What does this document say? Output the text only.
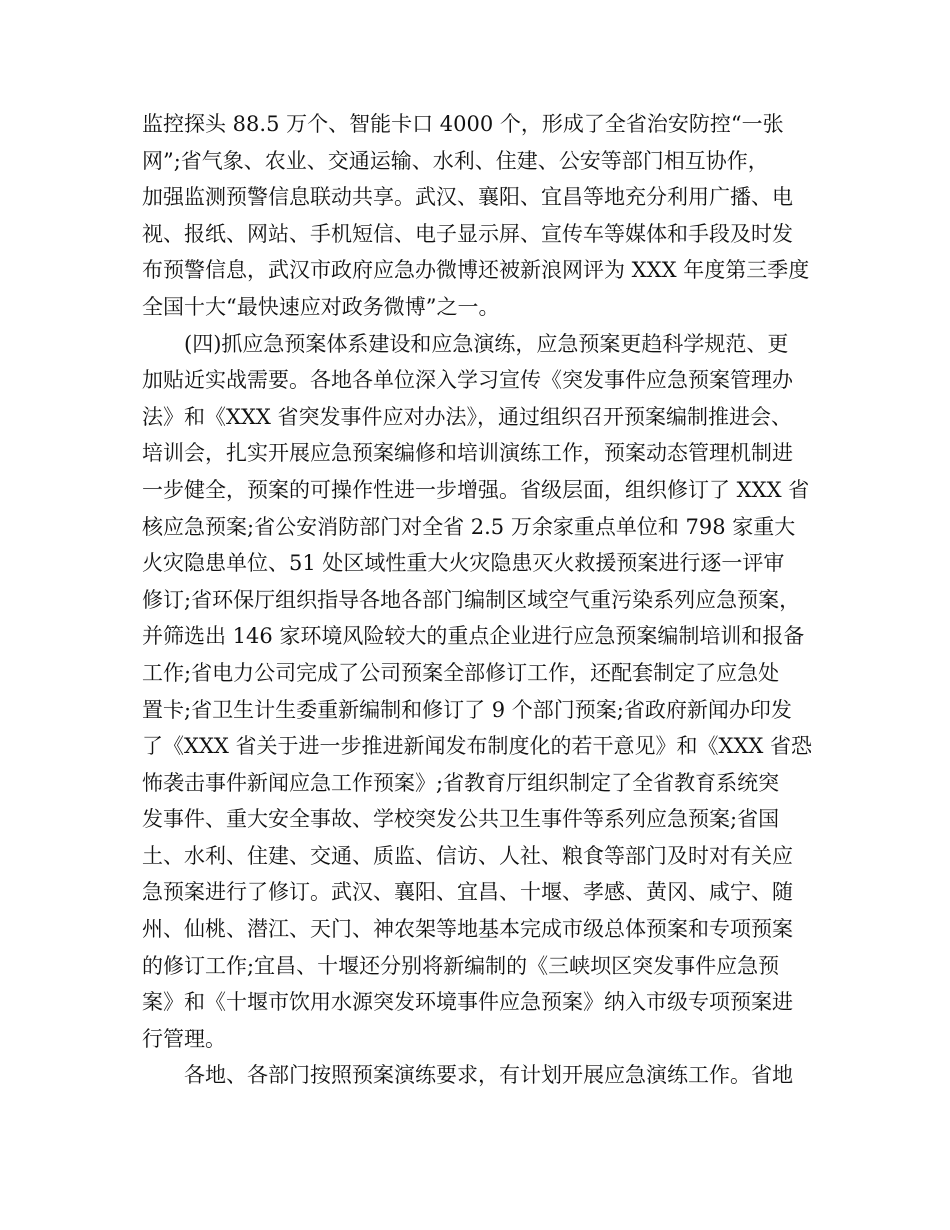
监控探头 88.5 万个、智能卡口 4000 个，形成了全省治安防控“一张
网”;省气象、农业、交通运输、水利、住建、公安等部门相互协作，
加强监测预警信息联动共享。武汉、襄阳、宜昌等地充分利用广播、电
视、报纸、网站、手机短信、电子显示屏、宣传车等媒体和手段及时发
布预警信息，武汉市政府应急办微博还被新浪网评为 XXX 年度第三季度
全国十大“最快速应对政务微博”之一。
(四)抓应急预案体系建设和应急演练，应急预案更趋科学规范、更
加贴近实战需要。各地各单位深入学习宣传《突发事件应急预案管理办
法》和《XXX 省突发事件应对办法》，通过组织召开预案编制推进会、
培训会，扎实开展应急预案编修和培训演练工作，预案动态管理机制进
一步健全，预案的可操作性进一步增强。省级层面，组织修订了 XXX 省
核应急预案;省公安消防部门对全省 2.5 万余家重点单位和 798 家重大
火灾隐患单位、51 处区域性重大火灾隐患灭火救援预案进行逐一评审
修订;省环保厅组织指导各地各部门编制区域空气重污染系列应急预案，
并筛选出 146 家环境风险较大的重点企业进行应急预案编制培训和报备
工作;省电力公司完成了公司预案全部修订工作，还配套制定了应急处
置卡;省卫生计生委重新编制和修订了 9 个部门预案;省政府新闻办印发
了《XXX 省关于进一步推进新闻发布制度化的若干意见》和《XXX 省恐
怖袭击事件新闻应急工作预案》;省教育厅组织制定了全省教育系统突
发事件、重大安全事故、学校突发公共卫生事件等系列应急预案;省国
土、水利、住建、交通、质监、信访、人社、粮食等部门及时对有关应
急预案进行了修订。武汉、襄阳、宜昌、十堰、孝感、黄冈、咸宁、随
州、仙桃、潜江、天门、神农架等地基本完成市级总体预案和专项预案
的修订工作;宜昌、十堰还分别将新编制的《三峡坝区突发事件应急预
案》和《十堰市饮用水源突发环境事件应急预案》纳入市级专项预案进
行管理。
各地、各部门按照预案演练要求，有计划开展应急演练工作。省地
